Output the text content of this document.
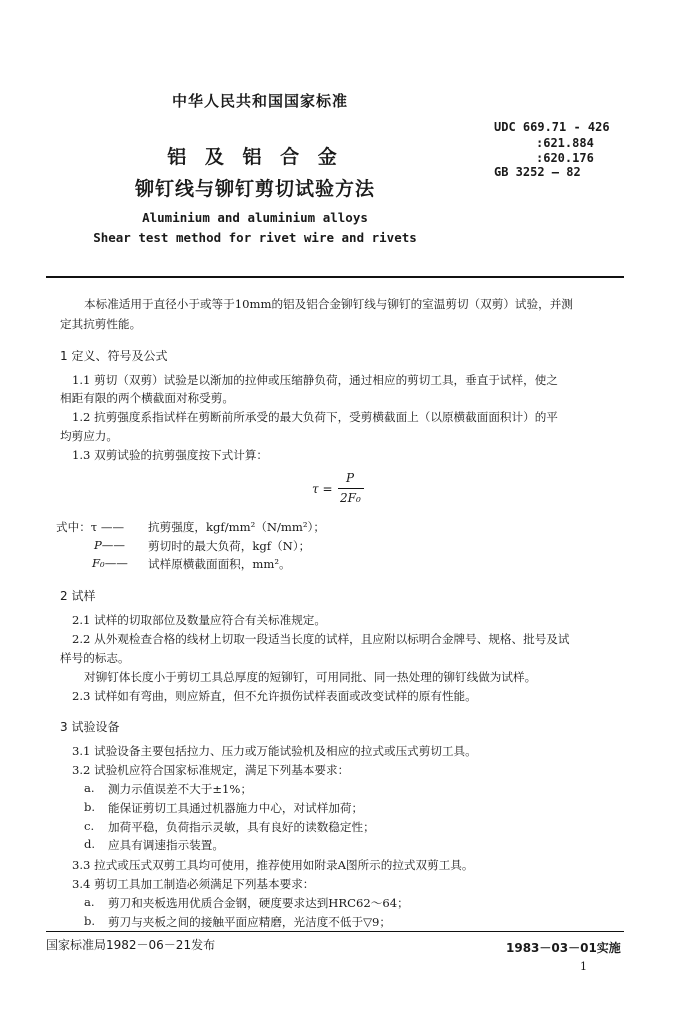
中华人民共和国国家标准
UDC 669.71 - 426
:621.884
:620.176
GB 3252 — 82
铝 及 铝 合 金
铆钉线与铆钉剪切试验方法
Aluminium and aluminium alloys
Shear test method for rivet wire and rivets
本标准适用于直径小于或等于10mm的铝及铝合金铆钉线与铆钉的室温剪切（双剪）试验，并测
定其抗剪性能。
1 定义、符号及公式
1.1 剪切（双剪）试验是以渐加的拉伸或压缩静负荷，通过相应的剪切工具，垂直于试样，使之
相距有限的两个横截面对称受剪。
1.2 抗剪强度系指试样在剪断前所承受的最大负荷下，受剪横截面上（以原横截面面积计）的平
均剪应力。
1.3 双剪试验的抗剪强度按下式计算：
τ =
P
2F₀
式中：τ —— 抗剪强度，kgf/mm²（N/mm²）；
P—— 剪切时的最大负荷，kgf（N）；
F₀—— 试样原横截面面积，mm²。
2 试样
2.1 试样的切取部位及数量应符合有关标准规定。
2.2 从外观检查合格的线材上切取一段适当长度的试样，且应附以标明合金牌号、规格、批号及试
样号的标志。
对铆钉体长度小于剪切工具总厚度的短铆钉，可用同批、同一热处理的铆钉线做为试样。
2.3 试样如有弯曲，则应矫直，但不允许损伤试样表面或改变试样的原有性能。
3 试验设备
3.1 试验设备主要包括拉力、压力或万能试验机及相应的拉式或压式剪切工具。
3.2 试验机应符合国家标准规定，满足下列基本要求：
a. 测力示值误差不大于±1%；
b. 能保证剪切工具通过机器施力中心，对试样加荷；
c. 加荷平稳，负荷指示灵敏，具有良好的读数稳定性；
d. 应具有调速指示装置。
3.3 拉式或压式双剪工具均可使用，推荐使用如附录A图所示的拉式双剪工具。
3.4 剪切工具加工制造必须满足下列基本要求：
a. 剪刀和夹板选用优质合金钢，硬度要求达到HRC62～64；
b. 剪刀与夹板之间的接触平面应精磨，光洁度不低于▽9；
国家标准局1982－06－21发布	1983－03－01实施
1
